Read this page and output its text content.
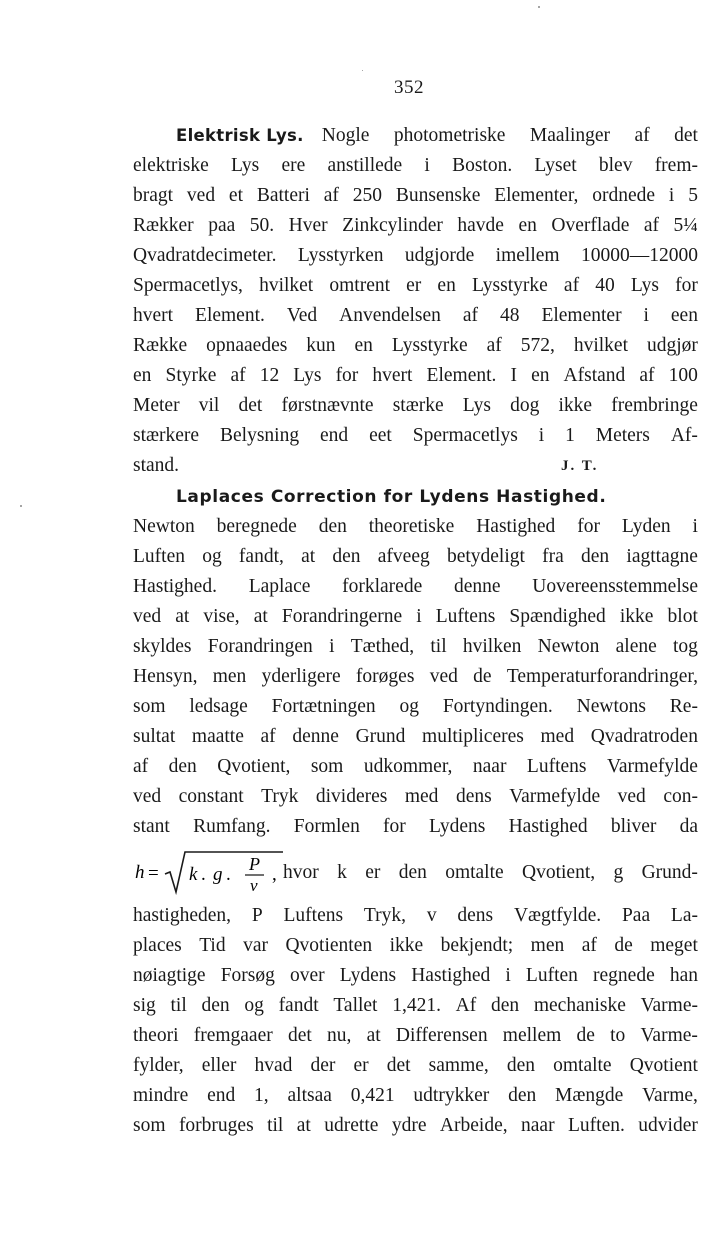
352
Elektrisk Lys. Nogle photometriske Maalinger af det
elektriske Lys ere anstillede i Boston. Lyset blev frem-
bragt ved et Batteri af 250 Bunsenske Elementer, ordnede i 5
Rækker paa 50. Hver Zinkcylinder havde en Overflade af 5¼
Qvadratdecimeter. Lysstyrken udgjorde imellem 10000—12000
Spermacetlys, hvilket omtrent er en Lysstyrke af 40 Lys for
hvert Element. Ved Anvendelsen af 48 Elementer i een
Række opnaaedes kun en Lysstyrke af 572, hvilket udgjør
en Styrke af 12 Lys for hvert Element. I en Afstand af 100
Meter vil det førstnævnte stærke Lys dog ikke frembringe
stærkere Belysning end eet Spermacetlys i 1 Meters Af-
stand.	J. T.
Laplaces Correction for Lydens Hastighed.
Newton beregnede den theoretiske Hastighed for Lyden i
Luften og fandt, at den afveeg betydeligt fra den iagttagne
Hastighed. Laplace forklarede denne Uovereensstemmelse
ved at vise, at Forandringerne i Luftens Spændighed ikke blot
skyldes Forandringen i Tæthed, til hvilken Newton alene tog
Hensyn, men yderligere forøges ved de Temperaturforandringer,
som ledsage Fortætningen og Fortyndingen. Newtons Re-
sultat maatte af denne Grund multipliceres med Qvadratroden
af den Qvotient, som udkommer, naar Luftens Varmefylde
ved constant Tryk divideres med dens Varmefylde ved con-
stant Rumfang. Formlen for Lydens Hastighed bliver da
h = k . g . P
v
, hvor k er den omtalte Qvotient, g Grund-
hastigheden, P Luftens Tryk, v dens Vægtfylde. Paa La-
places Tid var Qvotienten ikke bekjendt; men af de meget
nøiagtige Forsøg over Lydens Hastighed i Luften regnede han
sig til den og fandt Tallet 1,421. Af den mechaniske Varme-
theori fremgaaer det nu, at Differensen mellem de to Varme-
fylder, eller hvad der er det samme, den omtalte Qvotient
mindre end 1, altsaa 0,421 udtrykker den Mængde Varme,
som forbruges til at udrette ydre Arbeide, naar Luften. udvider
